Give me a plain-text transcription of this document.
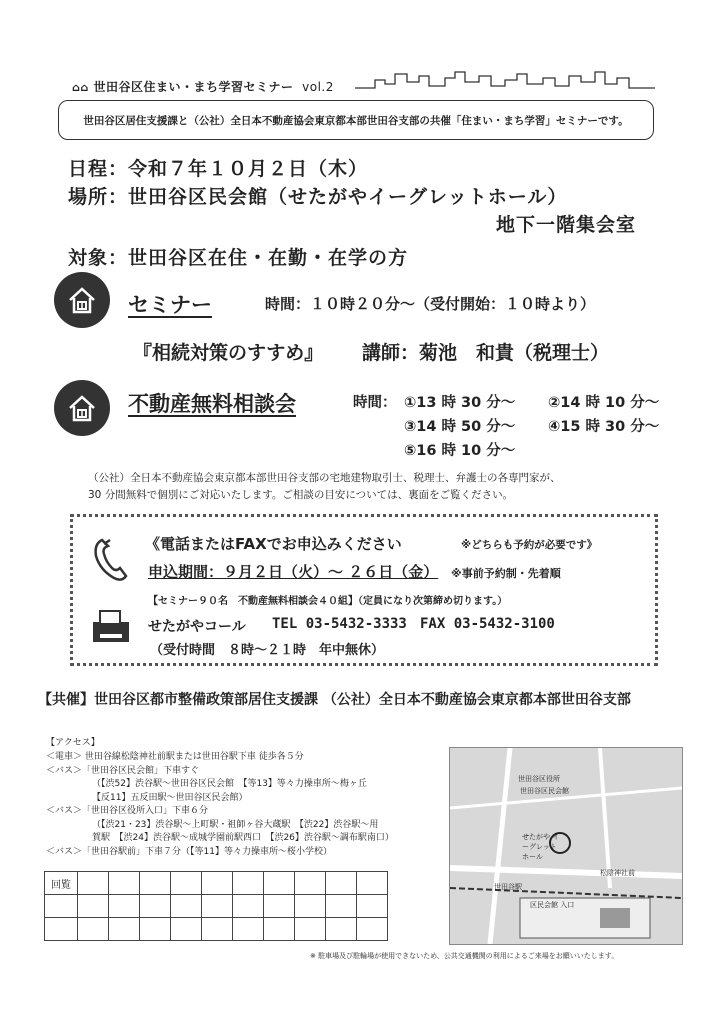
⌂⌂ 世田谷区住まい・まち学習セミナー vol.2
世田谷区居住支援課と（公社）全日本不動産協会東京都本部世田谷支部の共催「住まい・まち学習」セミナーです。
日程：令和７年１０月２日（木）
場所：世田谷区民会館（せたがやイーグレットホール）
地下一階集会室
対象：世田谷区在住・在勤・在学の方
セミナー	時間：１０時２０分～（受付開始：１０時より）
『相続対策のすすめ』 講師：菊池　和貴（税理士）
不動産無料相談会	時間： ①13 時 30 分～ ②14 時 10 分～
③14 時 50 分～ ④15 時 30 分～
⑤16 時 10 分～
（公社）全日本不動産協会東京都本部世田谷支部の宅地建物取引士、税理士、弁護士の各専門家が、
30 分間無料で個別にご対応いたします。ご相談の目安については、裏面をご覧ください。
《電話またはFAXでお申込みください	※どちらも予約が必要です》
申込期間：９月２日（火）～ ２６日（金） ※事前予約制・先着順
【セミナー９０名　不動産無料相談会４０組】（定員になり次第締め切ります。）
せたがやコール TEL 03-5432-3333 FAX 03-5432-3100
（受付時間　８時～２１時　年中無休）
【共催】世田谷区都市整備政策部居住支援課 （公社）全日本不動産協会東京都本部世田谷支部
【アクセス】
＜電車＞ 世田谷線松陰神社前駅または世田谷駅下車 徒歩各５分
＜バス＞「世田谷区民会館」下車すぐ
（【渋52】渋谷駅～世田谷区民会館　【等13】等々力操車所～梅ヶ丘
【反11】五反田駅～世田谷区民会館）
＜バス＞「世田谷区役所入口」下車６分
（【渋21・23】渋谷駅～上町駅・祖師ヶ谷大蔵駅　【渋22】渋谷駅～用
賀駅　【渋24】渋谷駅～成城学園前駅西口　【渋26】渋谷駅～調布駅南口）
＜バス＞「世田谷駅前」下車７分（【等11】等々力操車所～桜小学校）
回覧										

世田谷区役所
世田谷区民会館
せたがや イーグレットホール
世田谷駅
松陰神社前
区民会館 入口
※ 駐車場及び駐輪場が使用できないため、公共交通機関の利用によるご来場をお願いいたします。
